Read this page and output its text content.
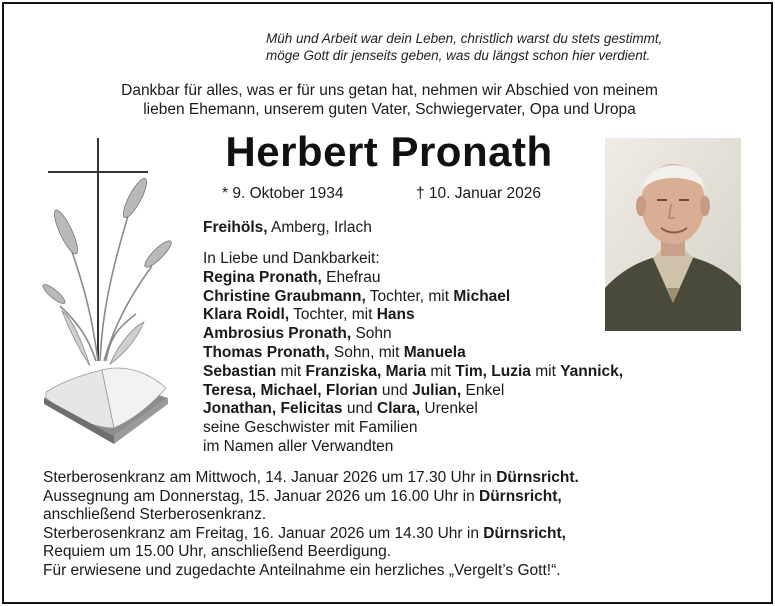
Müh und Arbeit war dein Leben, christlich warst du stets gestimmt,
möge Gott dir jenseits geben, was du längst schon hier verdient.
Dankbar für alles, was er für uns getan hat, nehmen wir Abschied von meinem
lieben Ehemann, unserem guten Vater, Schwiegervater, Opa und Uropa
Herbert Pronath
* 9. Oktober 1934	† 10. Januar 2026
Freihöls, Amberg, Irlach
In Liebe und Dankbarkeit:
Regina Pronath, Ehefrau
Christine Graubmann, Tochter, mit Michael
Klara Roidl, Tochter, mit Hans
Ambrosius Pronath, Sohn
Thomas Pronath, Sohn, mit Manuela
Sebastian mit Franziska, Maria mit Tim, Luzia mit Yannick,
Teresa, Michael, Florian und Julian, Enkel
Jonathan, Felicitas und Clara, Urenkel
seine Geschwister mit Familien
im Namen aller Verwandten
Sterberosenkranz am Mittwoch, 14. Januar 2026 um 17.30 Uhr in Dürnsricht.
Aussegnung am Donnerstag, 15. Januar 2026 um 16.00 Uhr in Dürnsricht,
anschließend Sterberosenkranz.
Sterberosenkranz am Freitag, 16. Januar 2026 um 14.30 Uhr in Dürnsricht,
Requiem um 15.00 Uhr, anschließend Beerdigung.
Für erwiesene und zugedachte Anteilnahme ein herzliches „Vergelt’s Gott!“.
